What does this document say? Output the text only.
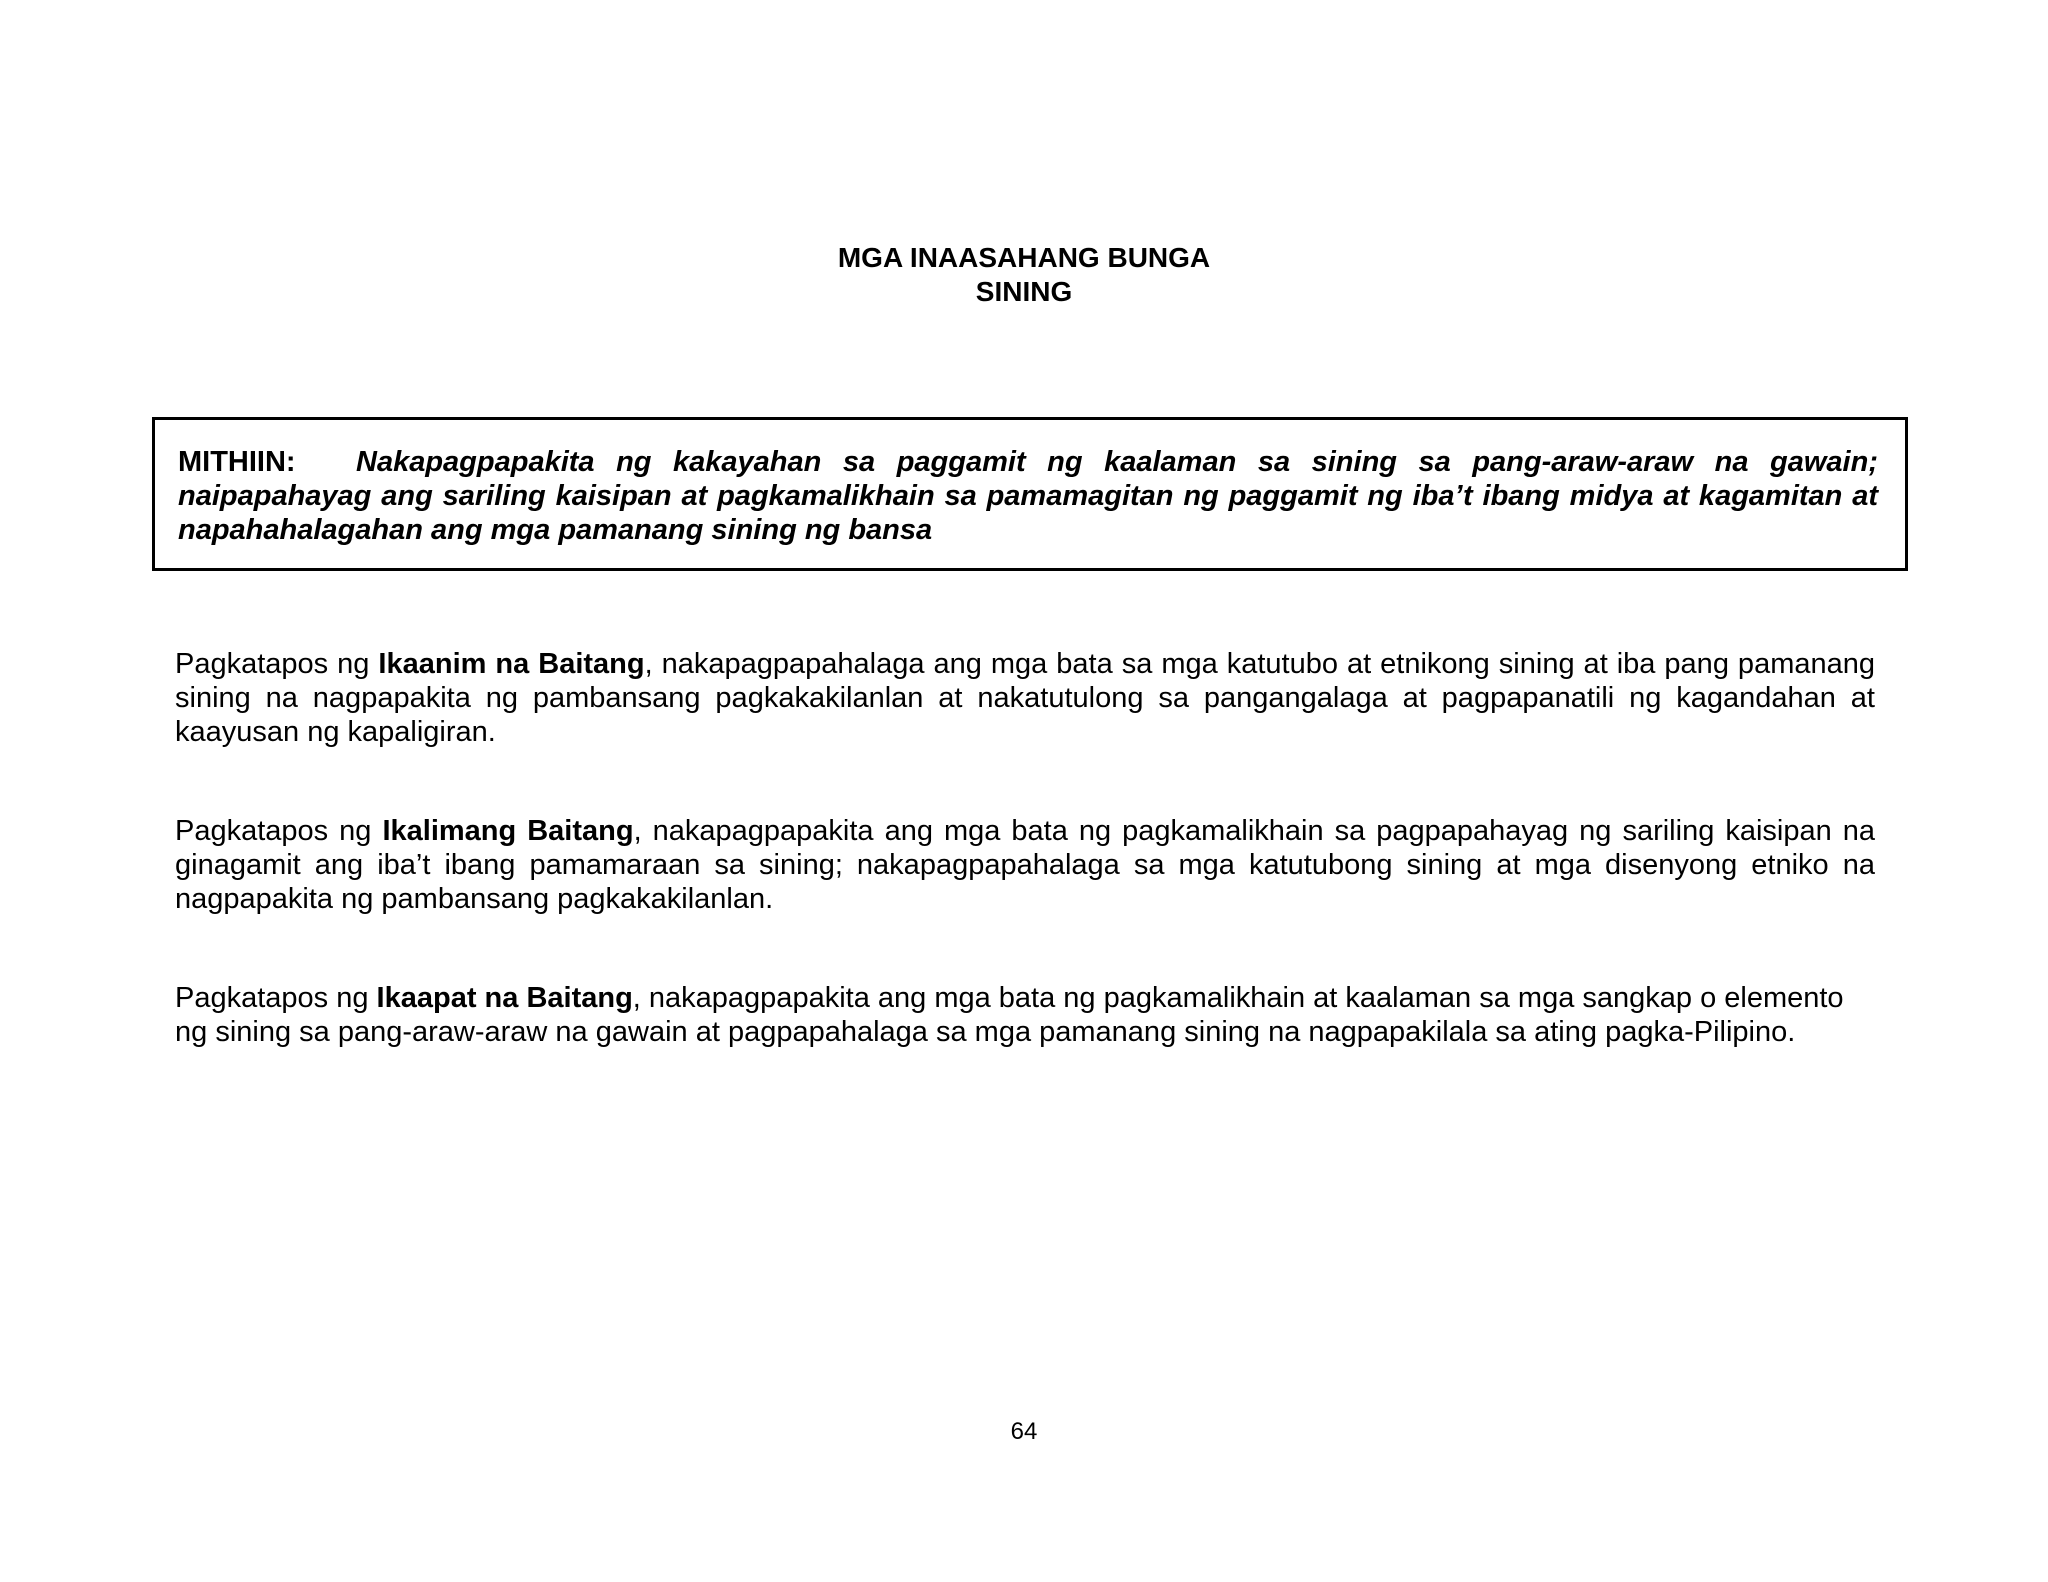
MGA INAASAHANG BUNGA
SINING
MITHIIN: Nakapagpapakita ng kakayahan sa paggamit ng kaalaman sa sining sa pang-araw-araw na gawain; naipapahayag ang sariling kaisipan at pagkamalikhain sa pamamagitan ng paggamit ng iba’t ibang midya at kagamitan at napahahalagahan ang mga pamanang sining ng bansa
Pagkatapos ng Ikaanim na Baitang, nakapagpapahalaga ang mga bata sa mga katutubo at etnikong sining at iba pang pamanang sining na nagpapakita ng pambansang pagkakakilanlan at nakatutulong sa pangangalaga at pagpapanatili ng kagandahan at kaayusan ng kapaligiran.
Pagkatapos ng Ikalimang Baitang, nakapagpapakita ang mga bata ng pagkamalikhain sa pagpapahayag ng sariling kaisipan na ginagamit ang iba’t ibang pamamaraan sa sining; nakapagpapahalaga sa mga katutubong sining at mga disenyong etniko na nagpapakita ng pambansang pagkakakilanlan.
Pagkatapos ng Ikaapat na Baitang, nakapagpapakita ang mga bata ng pagkamalikhain at kaalaman sa mga sangkap o elemento ng sining sa pang-araw-araw na gawain at pagpapahalaga sa mga pamanang sining na nagpapakilala sa ating pagka-Pilipino.
64
